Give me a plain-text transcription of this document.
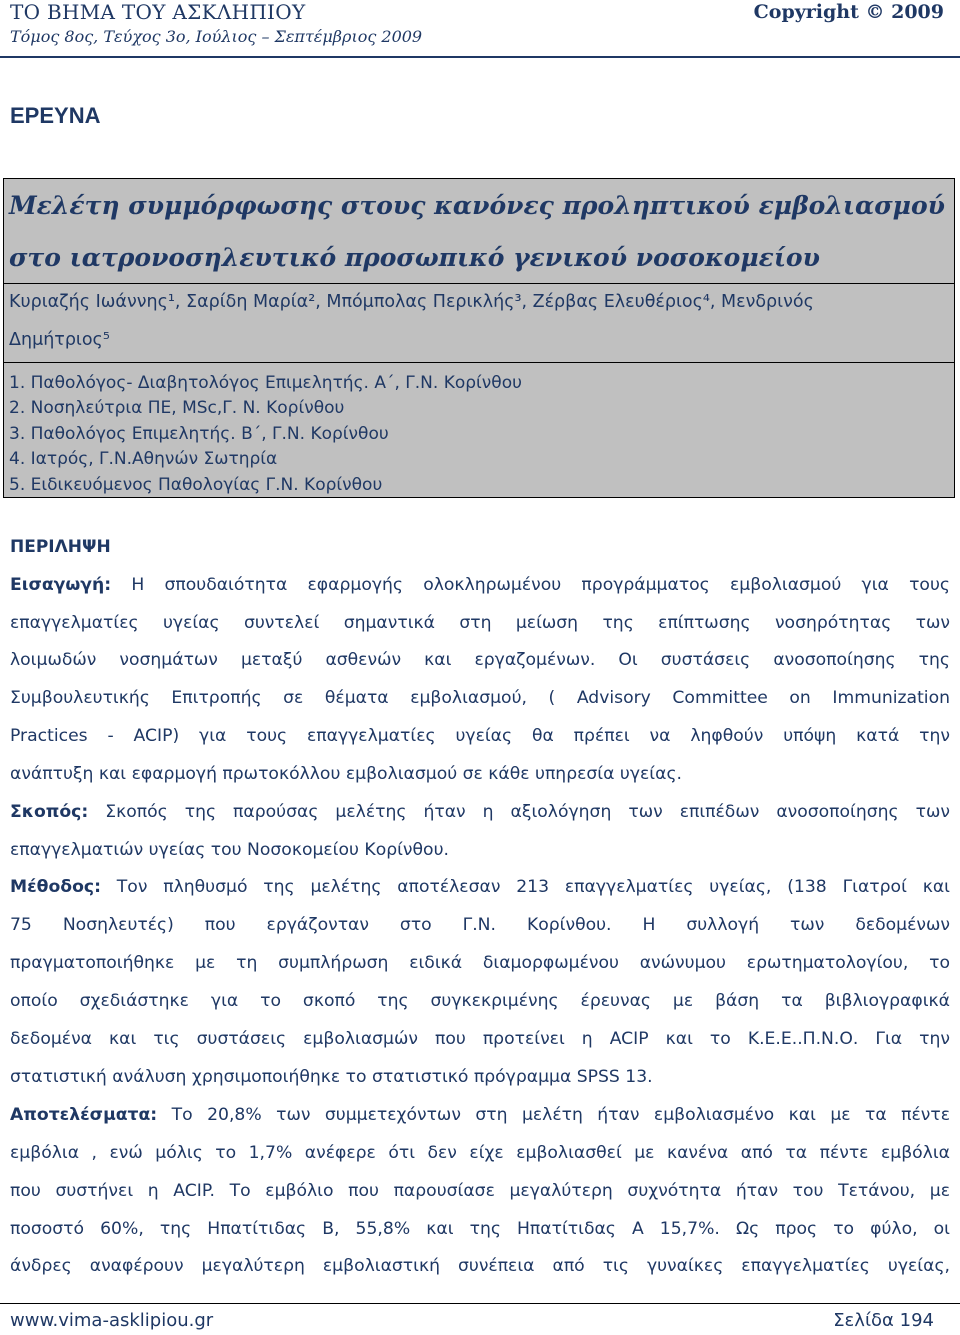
ΤΟ ΒΗΜΑ ΤΟΥ ΑΣΚΛΗΠΙΟΥ
Τόμος 8ος, Τεύχος 3ο, Ιούλιος – Σεπτέμβριος 2009
Copyright © 2009
ΕΡΕΥΝΑ
Μελέτη συμμόρφωσης στους κανόνες προληπτικού εμβολιασμού
στο ιατρονοσηλευτικό προσωπικό γενικού νοσοκομείου
Κυριαζής Ιωάννης¹, Σαρίδη Μαρία², Μπόμπολας Περικλής³, Ζέρβας Ελευθέριος⁴, Μενδρινός
Δημήτριος⁵
1. Παθολόγος- Διαβητολόγος Επιμελητής. Α΄, Γ.Ν. Κορίνθου
2. Νοσηλεύτρια ΠΕ, MSc,Γ. Ν. Κορίνθου
3. Παθολόγος Επιμελητής. Β΄, Γ.Ν. Κορίνθου
4. Ιατρός, Γ.Ν.Αθηνών Σωτηρία
5. Ειδικευόμενος Παθολογίας Γ.Ν. Κορίνθου
ΠΕΡΙΛΗΨΗ
Εισαγωγή: Η σπουδαιότητα εφαρμογής ολοκληρωμένου προγράμματος εμβολιασμού για τους
επαγγελματίες υγείας συντελεί σημαντικά στη μείωση της επίπτωσης νοσηρότητας των
λοιμωδών νοσημάτων μεταξύ ασθενών και εργαζομένων. Οι συστάσεις ανοσοποίησης της
Συμβουλευτικής Επιτροπής σε θέματα εμβολιασμού, ( Advisory Committee on Immunization
Practices - ACIP) για τους επαγγελματίες υγείας θα πρέπει να ληφθούν υπόψη κατά την
ανάπτυξη και εφαρμογή πρωτοκόλλου εμβολιασμού σε κάθε υπηρεσία υγείας.
Σκοπός: Σκοπός της παρούσας μελέτης ήταν η αξιολόγηση των επιπέδων ανοσοποίησης των
επαγγελματιών υγείας του Νοσοκομείου Κορίνθου.
Μέθοδος: Τον πληθυσμό της μελέτης αποτέλεσαν 213 επαγγελματίες υγείας, (138 Γιατροί και
75 Νοσηλευτές) που εργάζονταν στο Γ.Ν. Κορίνθου. Η συλλογή των δεδομένων
πραγματοποιήθηκε με τη συμπλήρωση ειδικά διαμορφωμένου ανώνυμου ερωτηματολογίου, το
οποίο σχεδιάστηκε για το σκοπό της συγκεκριμένης έρευνας με βάση τα βιβλιογραφικά
δεδομένα και τις συστάσεις εμβολιασμών που προτείνει η ACIP και το Κ.Ε.Ε..Π.Ν.Ο. Για την
στατιστική ανάλυση χρησιμοποιήθηκε το στατιστικό πρόγραμμα SPSS 13.
Αποτελέσματα: Το 20,8% των συμμετεχόντων στη μελέτη ήταν εμβολιασμένο και με τα πέντε
εμβόλια , ενώ μόλις το 1,7% ανέφερε ότι δεν είχε εμβολιασθεί με κανένα από τα πέντε εμβόλια
που συστήνει η ACIP. Το εμβόλιο που παρουσίασε μεγαλύτερη συχνότητα ήταν του Τετάνου, με
ποσοστό 60%, της Ηπατίτιδας Β, 55,8% και της Ηπατίτιδας Α 15,7%. Ως προς το φύλο, οι
άνδρες αναφέρουν μεγαλύτερη εμβολιαστική συνέπεια από τις γυναίκες επαγγελματίες υγείας,
www.vima-asklipiou.gr	Σελίδα 194
